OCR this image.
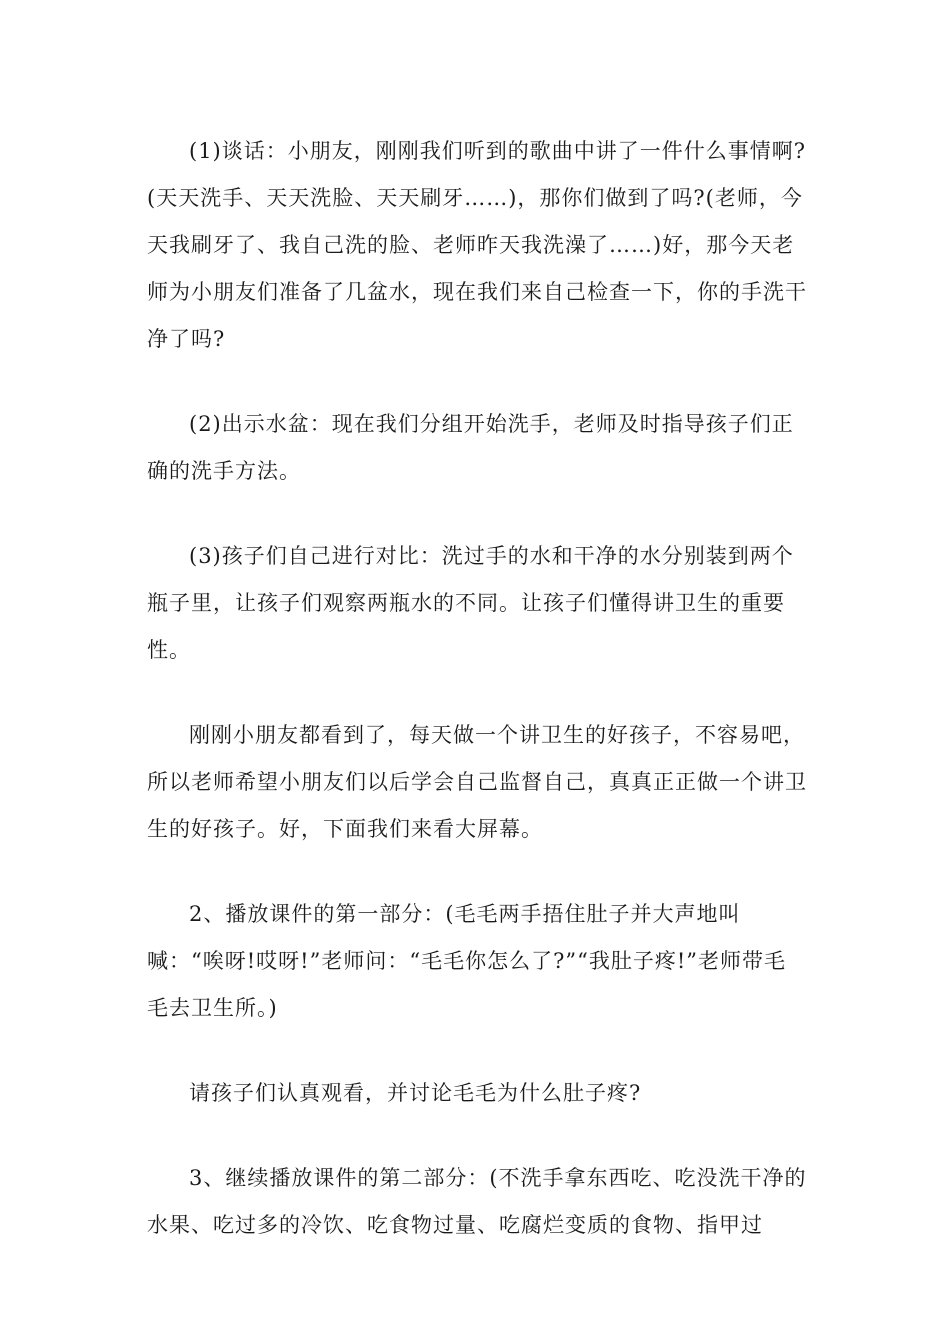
(1)谈话：小朋友，刚刚我们听到的歌曲中讲了一件什么事情啊?(天天洗手、天天洗脸、天天刷牙……)，那你们做到了吗?(老师，今天我刷牙了、我自己洗的脸、老师昨天我洗澡了……)好，那今天老师为小朋友们准备了几盆水，现在我们来自己检查一下，你的手洗干净了吗?

(2)出示水盆：现在我们分组开始洗手，老师及时指导孩子们正确的洗手方法。

(3)孩子们自己进行对比：洗过手的水和干净的水分别装到两个瓶子里，让孩子们观察两瓶水的不同。让孩子们懂得讲卫生的重要性。

刚刚小朋友都看到了，每天做一个讲卫生的好孩子，不容易吧，所以老师希望小朋友们以后学会自己监督自己，真真正正做一个讲卫生的好孩子。好，下面我们来看大屏幕。

2、播放课件的第一部分：(毛毛两手捂住肚子并大声地叫喊：“唉呀!哎呀!”老师问：“毛毛你怎么了?”“我肚子疼!”老师带毛毛去卫生所。)

请孩子们认真观看，并讨论毛毛为什么肚子疼?

3、继续播放课件的第二部分：(不洗手拿东西吃、吃没洗干净的水果、吃过多的冷饮、吃食物过量、吃腐烂变质的食物、指甲过
